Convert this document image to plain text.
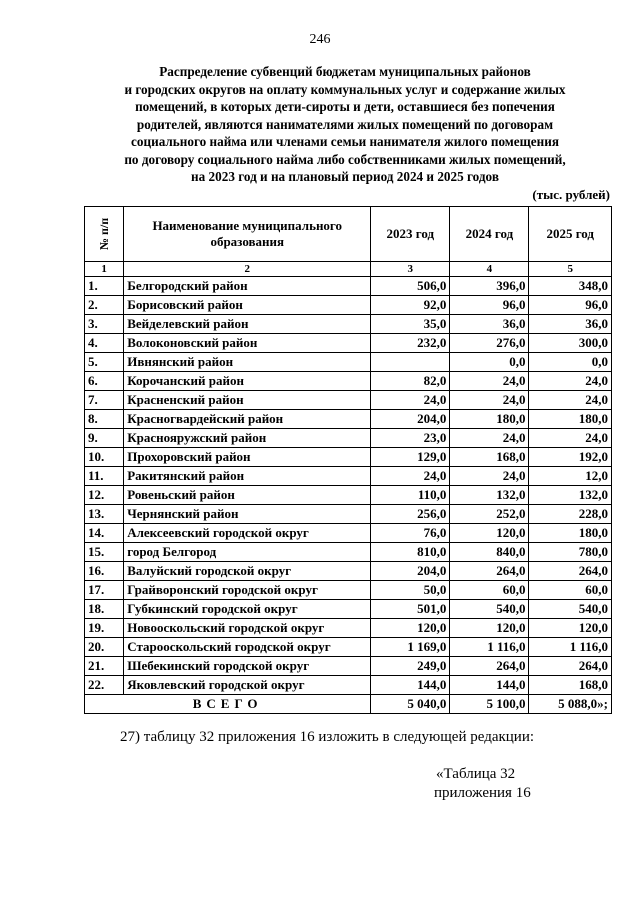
246
Распределение субвенций бюджетам муниципальных районов
и городских округов на оплату коммунальных услуг и содержание жилых
помещений, в которых дети-сироты и дети, оставшиеся без попечения
родителей, являются нанимателями жилых помещений по договорам
социального найма или членами семьи нанимателя жилого помещения
по договору социального найма либо собственниками жилых помещений,
на 2023 год и на плановый период 2024 и 2025 годов
(тыс. рублей)
№ п/п	Наименование муниципального образования	2023 год	2024 год	2025 год
1	2	3	4	5
1.	Белгородский район	506,0	396,0	348,0
2.	Борисовский район	92,0	96,0	96,0
3.	Вейделевский район	35,0	36,0	36,0
4.	Волоконовский район	232,0	276,0	300,0
5.	Ивнянский район		0,0	0,0
6.	Корочанский район	82,0	24,0	24,0
7.	Красненский район	24,0	24,0	24,0
8.	Красногвардейский район	204,0	180,0	180,0
9.	Краснояружский район	23,0	24,0	24,0
10.	Прохоровский район	129,0	168,0	192,0
11.	Ракитянский район	24,0	24,0	12,0
12.	Ровеньский район	110,0	132,0	132,0
13.	Чернянский район	256,0	252,0	228,0
14.	Алексеевский городской округ	76,0	120,0	180,0
15.	город Белгород	810,0	840,0	780,0
16.	Валуйский городской округ	204,0	264,0	264,0
17.	Грайворонский городской округ	50,0	60,0	60,0
18.	Губкинский городской округ	501,0	540,0	540,0
19.	Новооскольский городской округ	120,0	120,0	120,0
20.	Старооскольский городской округ	1 169,0	1 116,0	1 116,0
21.	Шебекинский городской округ	249,0	264,0	264,0
22.	Яковлевский городской округ	144,0	144,0	168,0
ВСЕГО		5 040,0	5 100,0	5 088,0»;
27) таблицу 32 приложения 16 изложить в следующей редакции:
«Таблица 32
приложения 16
